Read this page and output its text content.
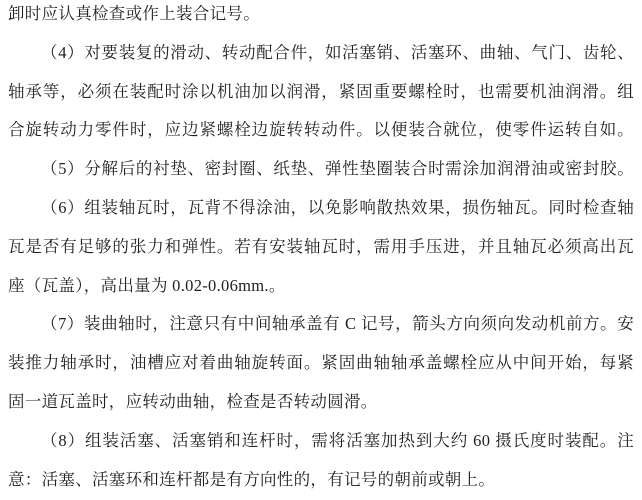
卸时应认真检查或作上装合记号。
（4）对要装复的滑动、转动配合件，如活塞销、活塞环、曲轴、气门、齿轮、
轴承等，必须在装配时涂以机油加以润滑，紧固重要螺栓时，也需要机油润滑。组
合旋转动力零件时，应边紧螺栓边旋转转动件。以便装合就位，使零件运转自如。
（5）分解后的衬垫、密封圈、纸垫、弹性垫圈装合时需涂加润滑油或密封胶。
（6）组装轴瓦时，瓦背不得涂油，以免影响散热效果，损伤轴瓦。同时检查轴
瓦是否有足够的张力和弹性。若有安装轴瓦时，需用手压进，并且轴瓦必须高出瓦
座（瓦盖），高出量为 0.02-0.06mm.。
（7）装曲轴时，注意只有中间轴承盖有 C 记号，箭头方向须向发动机前方。安
装推力轴承时，油槽应对着曲轴旋转面。紧固曲轴轴承盖螺栓应从中间开始，每紧
固一道瓦盖时，应转动曲轴，检查是否转动圆滑。
（8）组装活塞、活塞销和连杆时，需将活塞加热到大约 60 摄氏度时装配。注
意：活塞、活塞环和连杆都是有方向性的，有记号的朝前或朝上。
